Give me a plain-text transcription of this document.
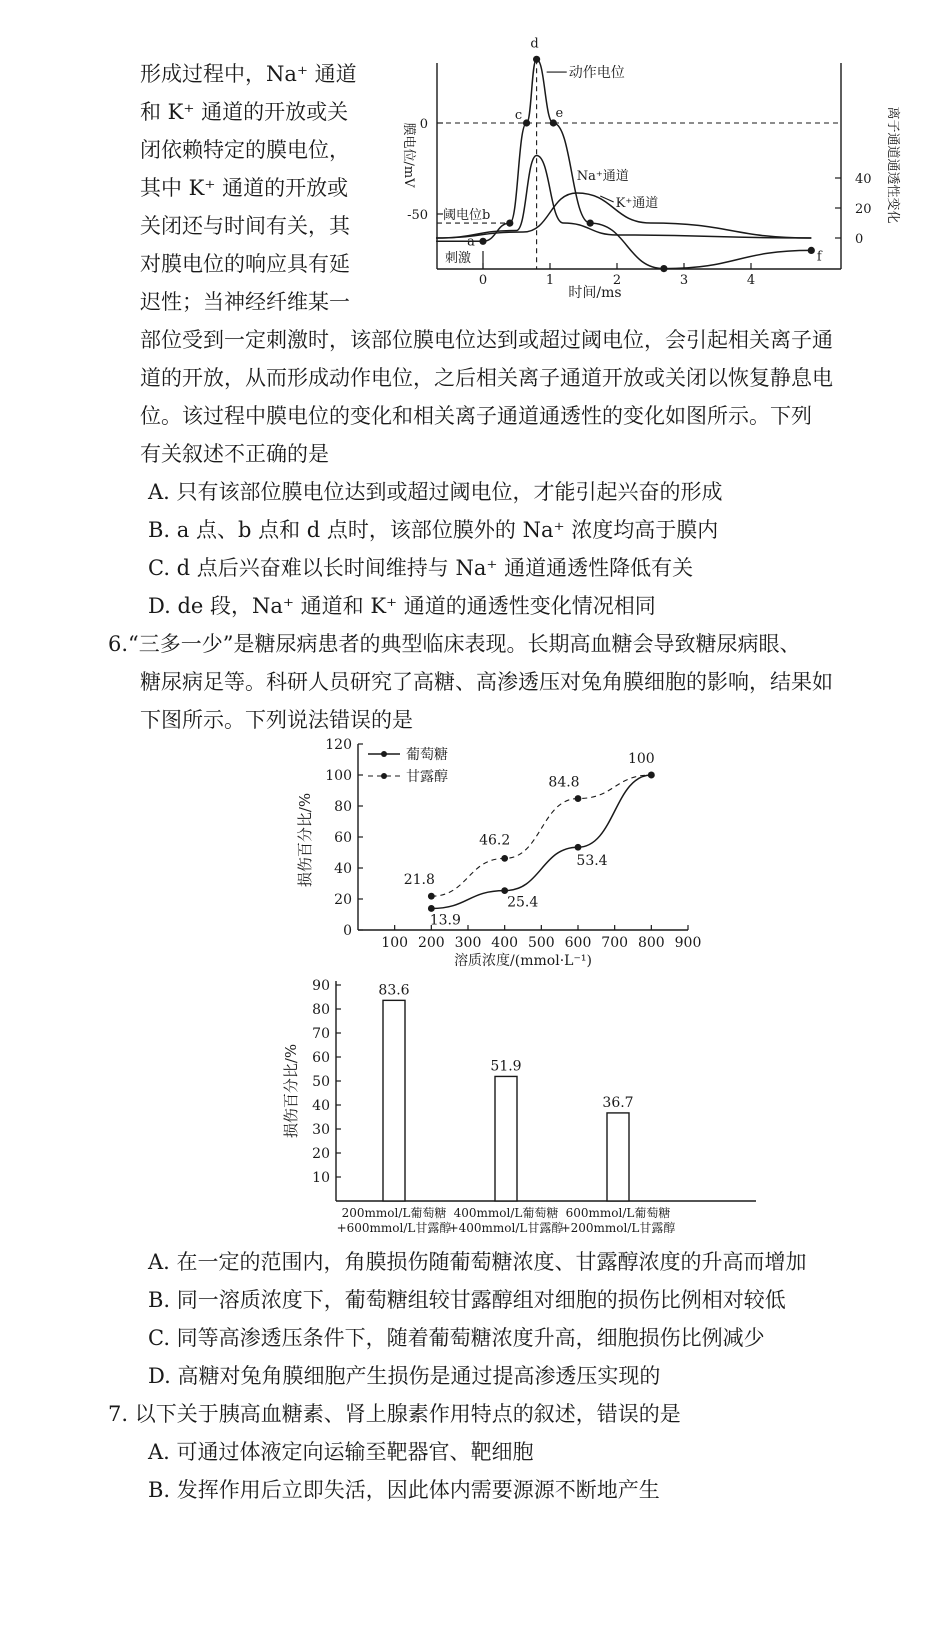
形成过程中，Na⁺ 通道
和 K⁺ 通道的开放或关
闭依赖特定的膜电位，
其中 K⁺ 通道的开放或
关闭还与时间有关，其
对膜电位的响应具有延
迟性；当神经纤维某一
0	1	2	3	4
0
-50
40
20
0
时间/ms
膜电位/mV	离子通道通透性变化
a
c
d
e
f
动作电位
Na⁺通道
K⁺通道
阈电位b
刺激
部位受到一定刺激时，该部位膜电位达到或超过阈电位，会引起相关离子通
道的开放，从而形成动作电位，之后相关离子通道开放或关闭以恢复静息电
位。该过程中膜电位的变化和相关离子通道通透性的变化如图所示。下列
有关叙述不正确的是
A. 只有该部位膜电位达到或超过阈电位，才能引起兴奋的形成
B. a 点、b 点和 d 点时，该部位膜外的 Na⁺ 浓度均高于膜内
C. d 点后兴奋难以长时间维持与 Na⁺ 通道通透性降低有关
D. de 段，Na⁺ 通道和 K⁺ 通道的通透性变化情况相同
6.“三多一少”是糖尿病患者的典型临床表现。长期高血糖会导致糖尿病眼、
糖尿病足等。科研人员研究了高糖、高渗透压对兔角膜细胞的影响，结果如
下图所示。下列说法错误的是
0
20
40
60
80
100
120
100 200 300 400 500 600 700 800 900
溶质浓度/(mmol·L⁻¹)
损伤百分比/%
13.9
25.4
53.4
21.8
46.2
84.8
100
葡萄糖
甘露醇
10
20
30
40
50
60
70
80
90
损伤百分比/%
83.6
200mmol/L葡萄糖
+600mmol/L甘露醇
51.9
400mmol/L葡萄糖
+400mmol/L甘露醇
36.7
600mmol/L葡萄糖
+200mmol/L甘露醇
A. 在一定的范围内，角膜损伤随葡萄糖浓度、甘露醇浓度的升高而增加
B. 同一溶质浓度下，葡萄糖组较甘露醇组对细胞的损伤比例相对较低
C. 同等高渗透压条件下，随着葡萄糖浓度升高，细胞损伤比例减少
D. 高糖对兔角膜细胞产生损伤是通过提高渗透压实现的
7. 以下关于胰高血糖素、肾上腺素作用特点的叙述，错误的是
A. 可通过体液定向运输至靶器官、靶细胞
B. 发挥作用后立即失活，因此体内需要源源不断地产生
